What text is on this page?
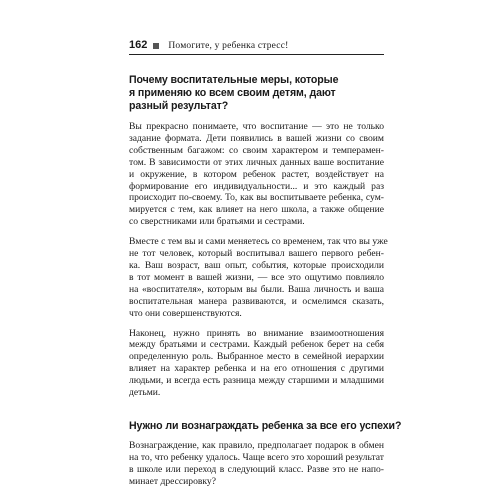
162 Помогите, у ребенка стресс!
Почему воспитательные меры, которые
я применяю ко всем своим детям, дают
разный результат?

Вы прекрасно понимаете, что воспитание — это не только
задание формата. Дети появились в вашей жизни со своим
собственным багажом: со своим характером и темперамен-
том. В зависимости от этих личных данных ваше воспитание
и окружение, в котором ребенок растет, воздействует на
формирование его индивидуальности... и это каждый раз
происходит по-своему. То, как вы воспитываете ребенка, сум-
мируется с тем, как влияет на него школа, а также общение
со сверстниками или братьями и сестрами.

Вместе с тем вы и сами меняетесь со временем, так что вы уже
не тот человек, который воспитывал вашего первого ребен-
ка. Ваш возраст, ваш опыт, события, которые происходили
в тот момент в вашей жизни, — все это ощутимо повлияло
на «воспитателя», которым вы были. Ваша личность и ваша
воспитательная манера развиваются, и осмелимся сказать,
что они совершенствуются.

Наконец, нужно принять во внимание взаимоотношения
между братьями и сестрами. Каждый ребенок берет на себя
определенную роль. Выбранное место в семейной иерархии
влияет на характер ребенка и на его отношения с другими
людьми, и всегда есть разница между старшими и младшими
детьми.

Нужно ли вознаграждать ребенка за все его успехи?

Вознаграждение, как правило, предполагает подарок в обмен
на то, что ребенку удалось. Чаще всего это хороший результат
в школе или переход в следующий класс. Разве это не напо-
минает дрессировку?
